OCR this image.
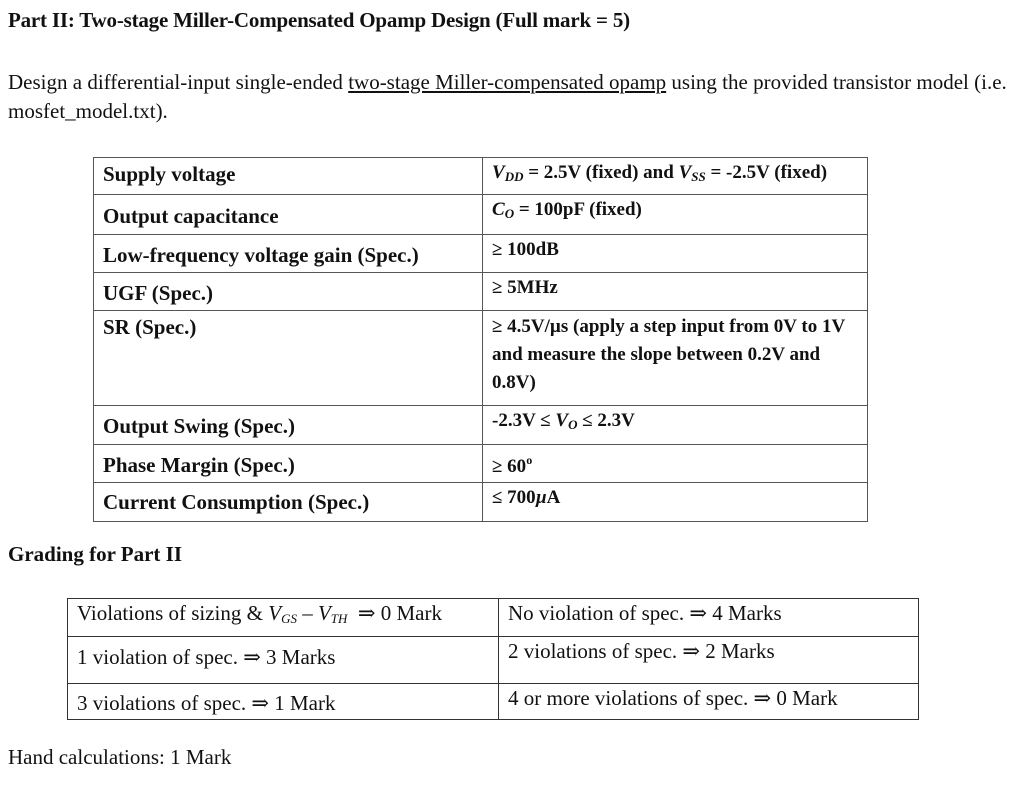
Part II: Two-stage Miller-Compensated Opamp Design (Full mark = 5)
Design a differential-input single-ended two-stage Miller-compensated opamp using the provided transistor model (i.e. mosfet_model.txt).
Supply voltage	$V_{DD} = 2.5V$ (fixed) and $V_{SS} = -2.5V$ (fixed)
Output capacitance	$C_O = 100pF$ (fixed)
Low-frequency voltage gain (Spec.)	≥ 100dB
UGF (Spec.)	≥ 5MHz
SR (Spec.)	≥ 4.5V/µs (apply a step input from 0V to 1V and measure the slope between 0.2V and 0.8V)
Output Swing (Spec.)	$-2.3V \le V_O \le 2.3V$
Phase Margin (Spec.)	≥ $60^o$
Current Consumption (Spec.)	≤ 700µA
Grading for Part II
Violations of sizing & $V_{GS} - V_{TH}$  ⇒ 0 Mark	No violation of spec. ⇒ 4 Marks
1 violation of spec. ⇒ 3 Marks	2 violations of spec. ⇒ 2 Marks
3 violations of spec. ⇒ 1 Mark	4 or more violations of spec. ⇒ 0 Mark
Hand calculations: 1 Mark
